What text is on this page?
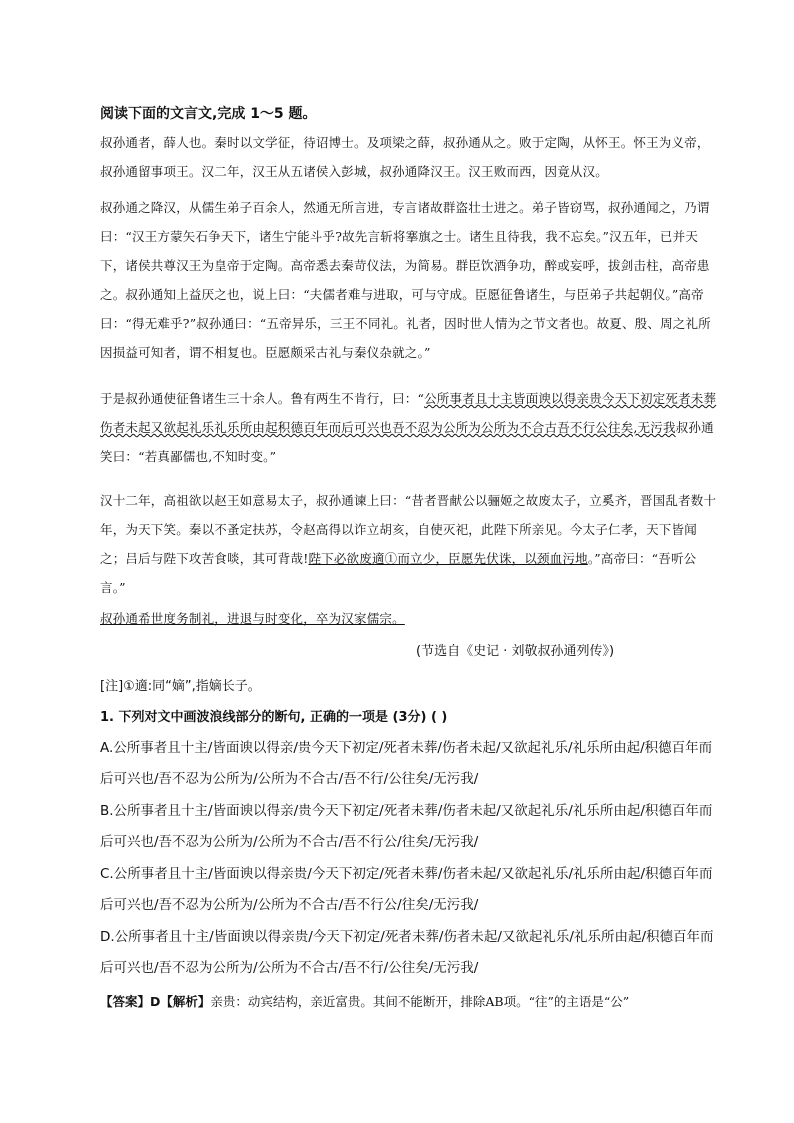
阅读下面的文言文,完成 1～5 题。
叔孙通者，薛人也。秦时以文学征，待诏博士。及项梁之薛，叔孙通从之。败于定陶，从怀王。怀王为义帝，叔孙通留事项王。汉二年，汉王从五诸侯入彭城，叔孙通降汉王。汉王败而西，因竟从汉。
叔孙通之降汉，从儒生弟子百余人，然通无所言进，专言诸故群盗壮士进之。弟子皆窃骂，叔孙通闻之，乃谓曰：“汉王方蒙矢石争天下，诸生宁能斗乎?故先言斩将搴旗之士。诸生且待我，我不忘矣。”汉五年，已并天下，诸侯共尊汉王为皇帝于定陶。高帝悉去秦苛仪法，为简易。群臣饮酒争功，醉或妄呼，拔剑击柱，高帝患之。叔孙通知上益厌之也，说上曰：“夫儒者难与进取，可与守成。臣愿征鲁诸生，与臣弟子共起朝仪。”高帝曰：“得无难乎?”叔孙通曰：“五帝异乐，三王不同礼。礼者，因时世人情为之节文者也。故夏、殷、周之礼所因损益可知者，谓不相复也。臣愿颇采古礼与秦仪杂就之。”
于是叔孙通使征鲁诸生三十余人。鲁有两生不肯行，曰：“公所事者且十主皆面谀以得亲贵今天下初定死者未葬伤者未起又欲起礼乐礼乐所由起积德百年而后可兴也吾不忍为公所为公所为不合古吾不行公往矣,无污我叔孙通笑曰：“若真鄙儒也,不知时变。”
汉十二年，高祖欲以赵王如意易太子，叔孙通谏上曰：“昔者晋献公以骊姬之故废太子，立奚齐，晋国乱者数十年，为天下笑。秦以不蚤定扶苏，令赵高得以诈立胡亥，自使灭祀，此陛下所亲见。今太子仁孝，天下皆闻之；吕后与陛下攻苦食啖，其可背哉!陛下必欲废適①而立少，臣愿先伏诛，以颈血污地。”高帝曰：“吾听公言。”
叔孙通希世度务制礼，进退与时变化，卒为汉家儒宗。
(节选自《史记 · 刘敬叔孙通列传》)
[注]①適:同“嫡”,指嫡长子。
1. 下列对文中画波浪线部分的断句, 正确的一项是 (3分) ( )
A.公所事者且十主/皆面谀以得亲/贵今天下初定/死者未葬/伤者未起/又欲起礼乐/礼乐所由起/积德百年而后可兴也/吾不忍为公所为/公所为不合古/吾不行/公往矣/无污我/
B.公所事者且十主/皆面谀以得亲/贵今天下初定/死者未葬/伤者未起/又欲起礼乐/礼乐所由起/积德百年而后可兴也/吾不忍为公所为/公所为不合古/吾不行公/往矣/无污我/
C.公所事者且十主/皆面谀以得亲贵/今天下初定/死者未葬/伤者未起/又欲起礼乐/礼乐所由起/积德百年而后可兴也/吾不忍为公所为/公所为不合古/吾不行公/往矣/无污我/
D.公所事者且十主/皆面谀以得亲贵/今天下初定/死者未葬/伤者未起/又欲起礼乐/礼乐所由起/积德百年而后可兴也/吾不忍为公所为/公所为不合古/吾不行/公往矣/无污我/
【答案】D【解析】亲贵：动宾结构，亲近富贵。其间不能断开，排除AB项。“往”的主语是“公”
